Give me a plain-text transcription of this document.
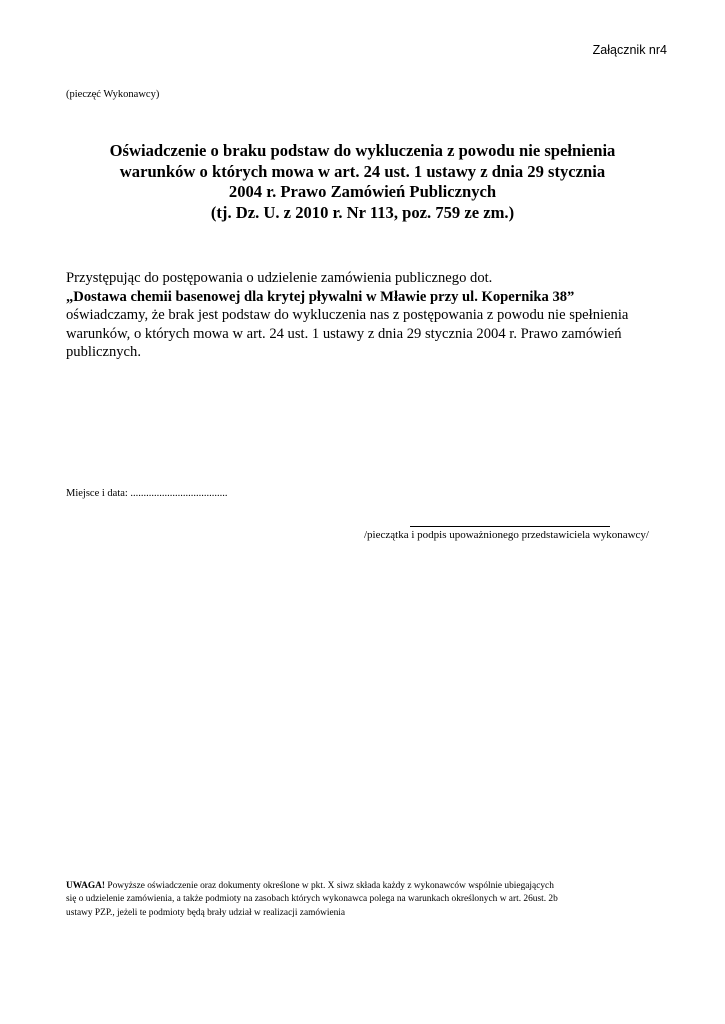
Załącznik nr4
(pieczęć Wykonawcy)
Oświadczenie o braku podstaw do wykluczenia z powodu nie spełnienia
warunków o których mowa w art. 24 ust. 1 ustawy z dnia 29 stycznia
2004 r. Prawo Zamówień Publicznych
(tj. Dz. U. z 2010 r. Nr 113, poz. 759 ze zm.)
Przystępując do postępowania o udzielenie zamówienia publicznego dot.
„Dostawa chemii basenowej dla krytej pływalni w Mławie przy ul. Kopernika 38”
oświadczamy, że brak jest podstaw do wykluczenia nas z postępowania z powodu nie spełnienia
warunków, o których mowa w art. 24 ust. 1 ustawy z dnia 29 stycznia 2004 r. Prawo zamówień
publicznych.
Miejsce i data: .....................................
/pieczątka i podpis upoważnionego przedstawiciela wykonawcy/
UWAGA! Powyższe oświadczenie oraz dokumenty określone w pkt. X siwz składa każdy z wykonawców wspólnie ubiegających
się o udzielenie zamówienia, a także podmioty na zasobach których wykonawca polega na warunkach określonych w art. 26ust. 2b
ustawy PZP., jeżeli te podmioty będą brały udział w realizacji zamówienia
